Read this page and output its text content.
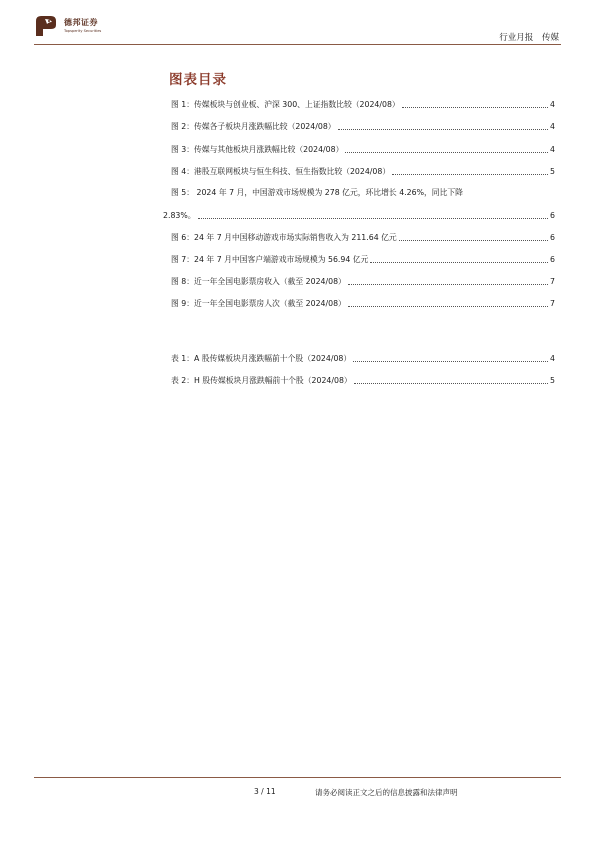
德邦证券
Topsperity Securities
行业月报 传媒
图表目录
图 1：传媒板块与创业板、沪深 300、上证指数比较（2024/08）	4
图 2：传媒各子板块月涨跌幅比较（2024/08）	4
图 3：传媒与其他板块月涨跌幅比较（2024/08）	4
图 4：港股互联网板块与恒生科技、恒生指数比较（2024/08）	5
图 5： 2024 年 7 月，中国游戏市场规模为 278 亿元，环比增长 4.26%，同比下降
2.83%。	6
图 6：24 年 7 月中国移动游戏市场实际销售收入为 211.64 亿元	6
图 7：24 年 7 月中国客户端游戏市场规模为 56.94 亿元	6
图 8：近一年全国电影票房收入（截至 2024/08）	7
图 9：近一年全国电影票房人次（截至 2024/08）	7
表 1：A 股传媒板块月涨跌幅前十个股（2024/08）	4
表 2：H 股传媒板块月涨跌幅前十个股（2024/08）	5
3 / 11	请务必阅读正文之后的信息披露和法律声明
